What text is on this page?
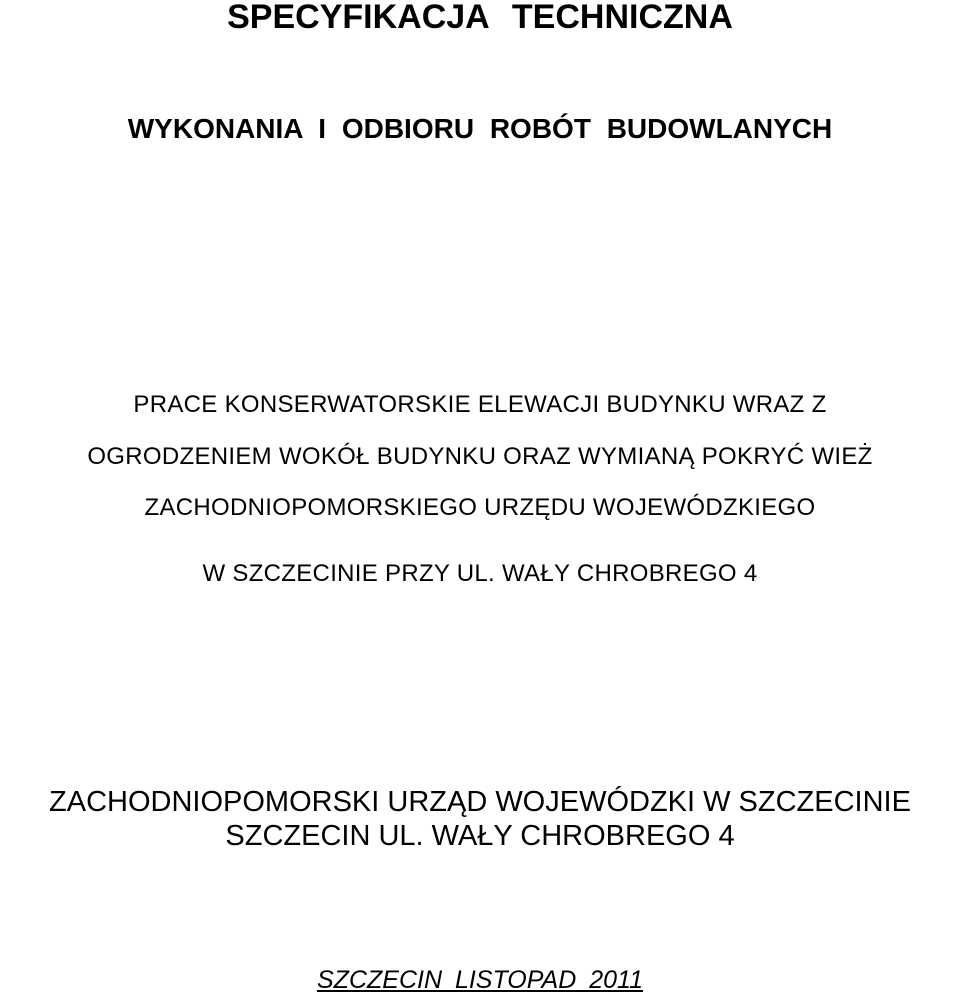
SPECYFIKACJA TECHNICZNA
WYKONANIA I ODBIORU ROBÓT BUDOWLANYCH

PRACE KONSERWATORSKIE ELEWACJI BUDYNKU WRAZ Z

OGRODZENIEM WOKÓŁ BUDYNKU ORAZ WYMIANĄ POKRYĆ WIEŻ

ZACHODNIOPOMORSKIEGO URZĘDU WOJEWÓDZKIEGO

W SZCZECINIE PRZY UL. WAŁY CHROBREGO 4

ZACHODNIOPOMORSKI URZĄD WOJEWÓDZKI W SZCZECINIE

SZCZECIN UL. WAŁY CHROBREGO 4

SZCZECIN LISTOPAD 2011
